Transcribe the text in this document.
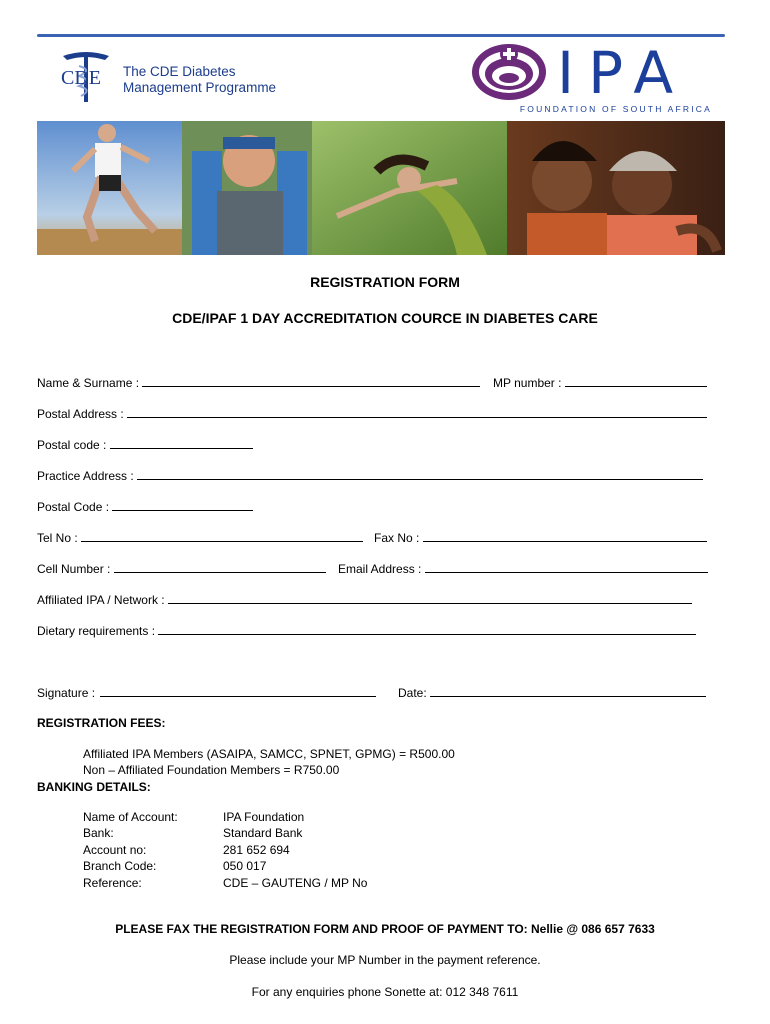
CDE The CDE Diabetes
Management Programme	IPA
FOUNDATION OF SOUTH AFRICA
REGISTRATION FORM
CDE/IPAF 1 DAY ACCREDITATION COURCE IN DIABETES CARE
Name & Surname :	MP number :
Postal Address :
Postal code :
Practice Address :
Postal Code :
Tel No :	Fax No :
Cell Number :	Email Address :
Affiliated IPA / Network :
Dietary requirements :
Signature :	Date:
REGISTRATION FEES:
Affiliated IPA Members (ASAIPA, SAMCC, SPNET, GPMG) = R500.00
Non – Affiliated Foundation Members = R750.00
BANKING DETAILS:
Name of Account:	IPA Foundation
Bank:	Standard Bank
Account no:	281 652 694
Branch Code:	050 017
Reference:	CDE – GAUTENG / MP No
PLEASE FAX THE REGISTRATION FORM AND PROOF OF PAYMENT TO: Nellie @ 086 657 7633
Please include your MP Number in the payment reference.
For any enquiries phone Sonette at: 012 348 7611
